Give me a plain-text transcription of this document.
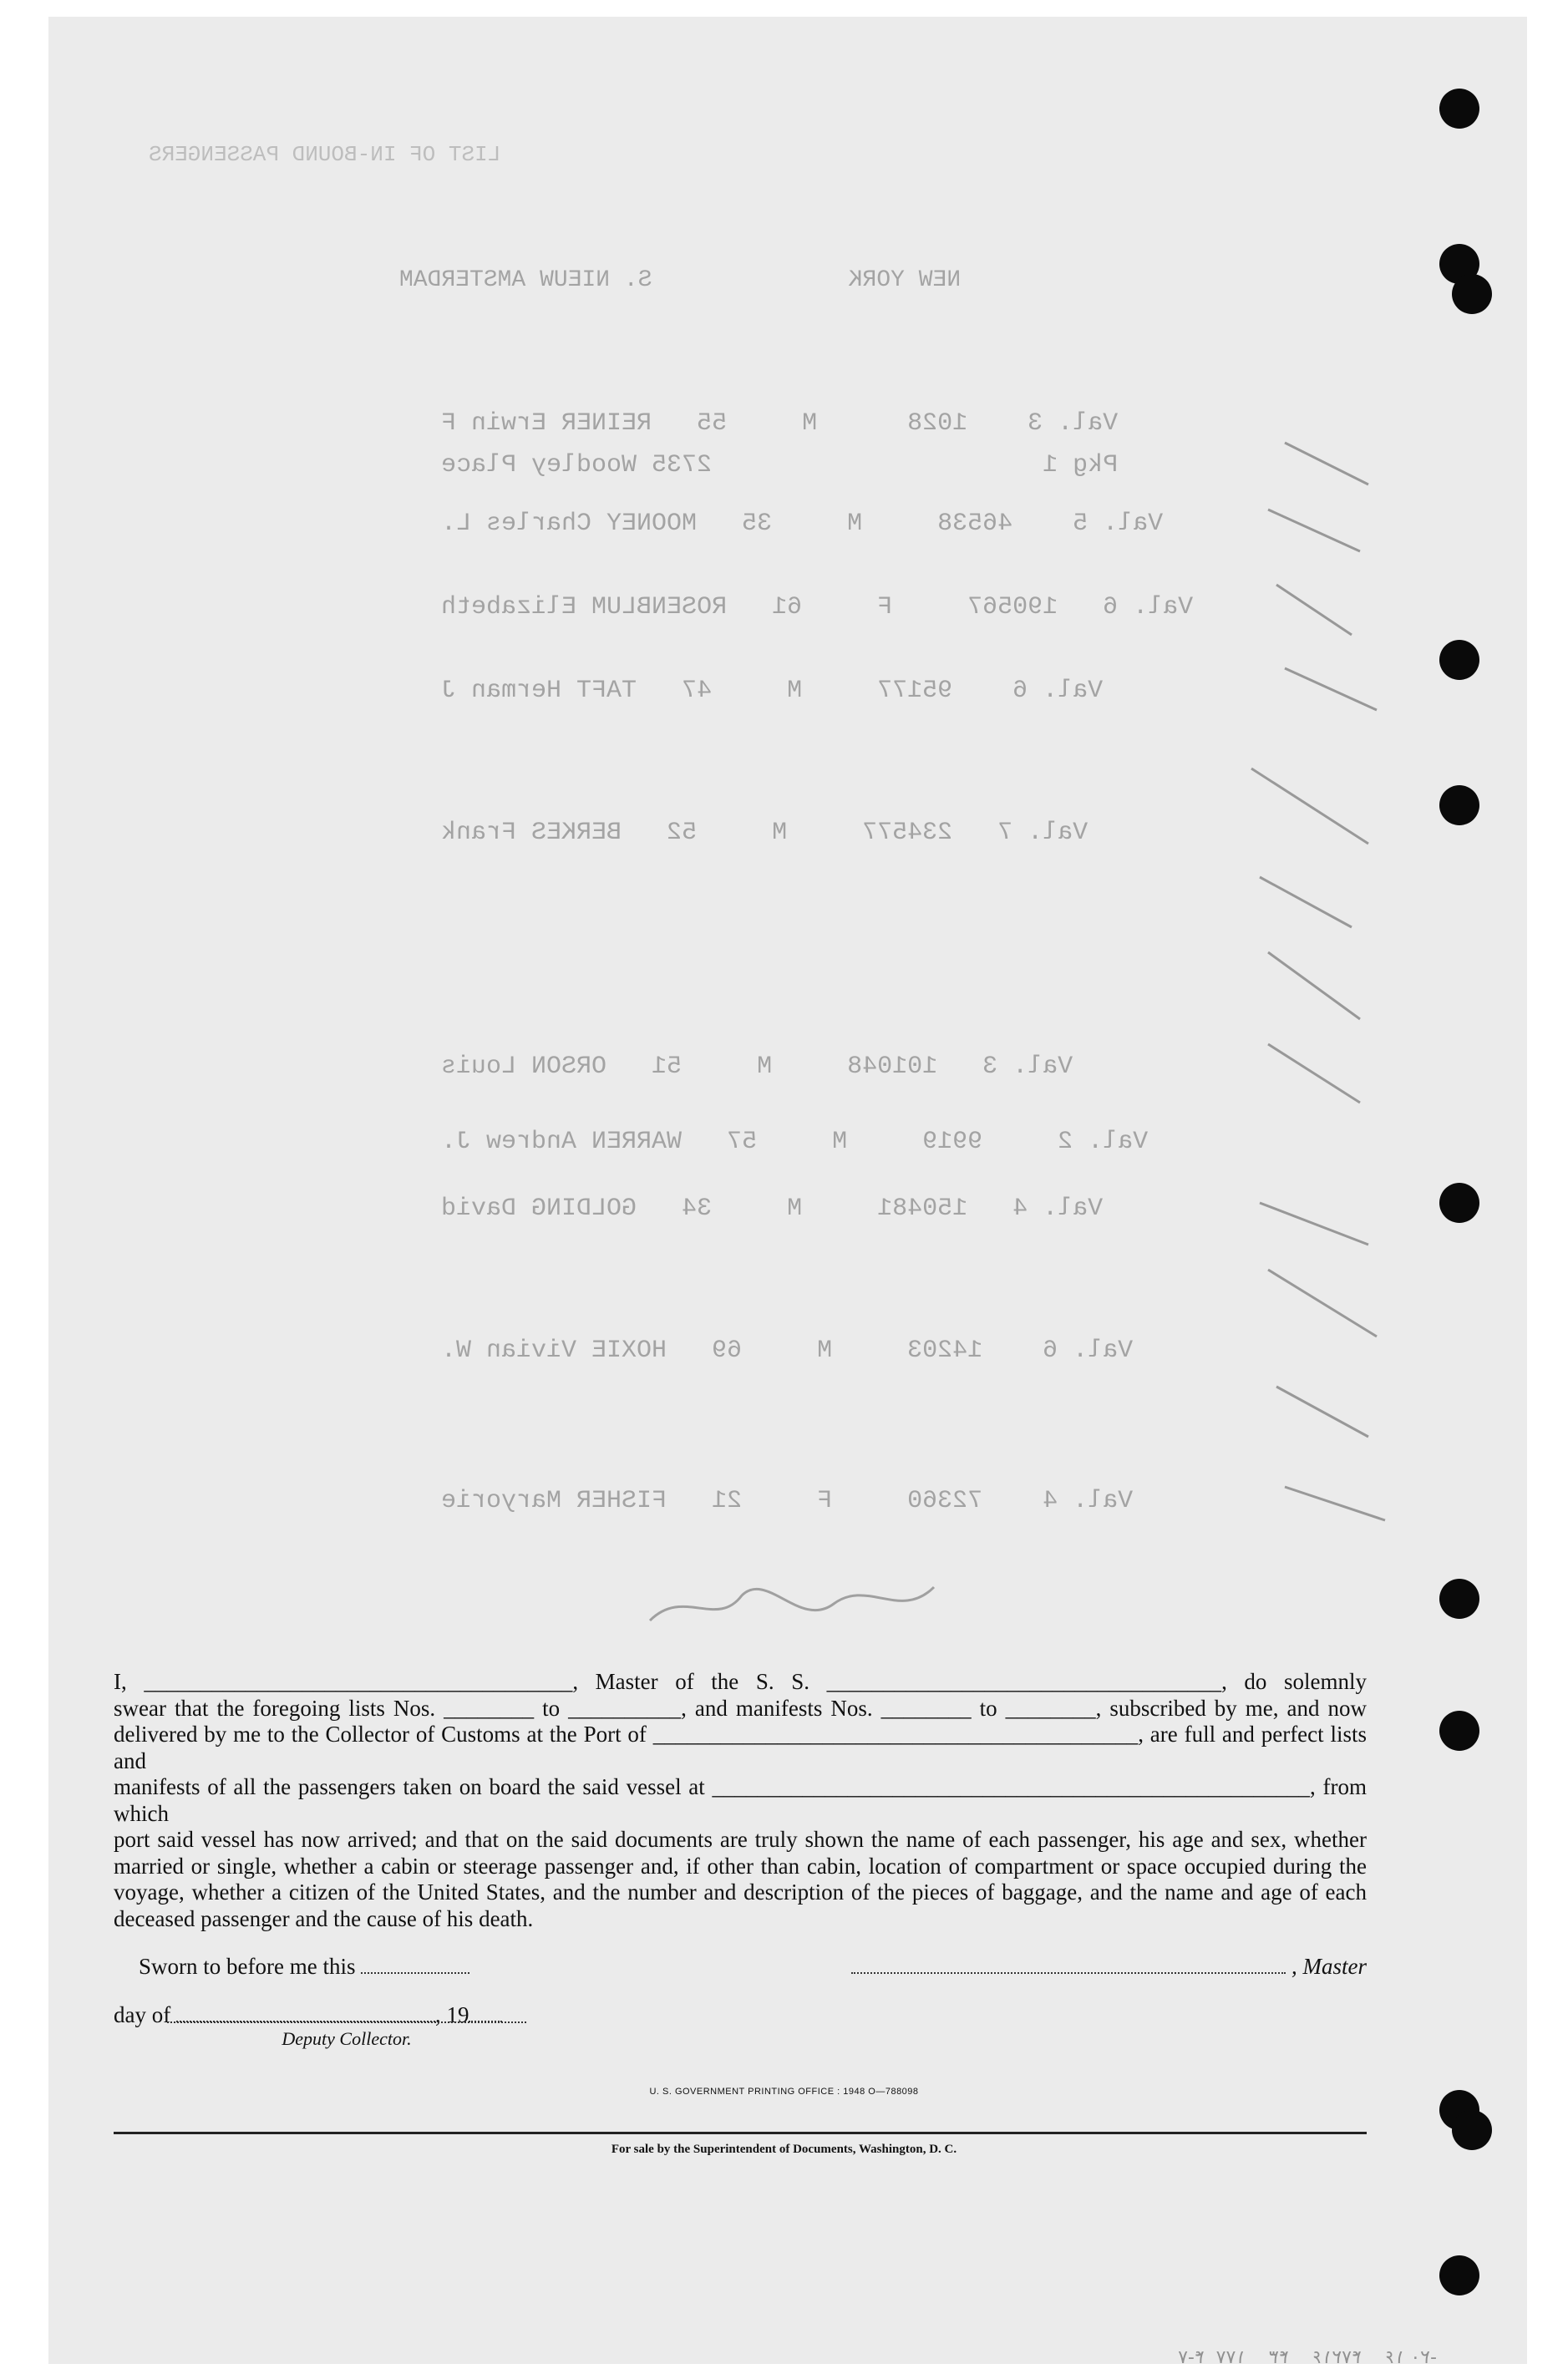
LIST OF IN-BOUND PASSENGERS
NEW YORK              S. NIEUW AMSTERDAM
Val. 3    1028      M     55   REINER Erwin F
Pkg 1                      2735 Woodley Place
Val. 5    46538     M     35   MOONEY Charles L.
Val. 6   190567     F     61   ROSENBLUM Elizabeth
Val. 6    95177     M     47   TAFT Herman J
Val. 7   234577     M     52   BERKES Frank
Val. 3   101048     M     51   ORSON Louis
Val. 2     9919     M     57   WARREN Andrew J.
Val. 4   150481     M     34   GOLDING David
Val. 6    14203     M     69   HOXIE Vivian W.
Val. 4    72360     F     21   FISHER Maryorie

I, ______________________________________, Master of the S. S. ___________________________________, do solemnly

swear that the foregoing lists Nos. ________ to __________, and manifests Nos. ________ to ________, subscribed by me, and now

delivered by me to the Collector of Customs at the Port of ___________________________________________, are full and perfect lists and

manifests of all the passengers taken on board the said vessel at _____________________________________________________, from which

port said vessel has now arrived; and that on the said documents are truly shown the name of each passenger, his age and sex, whether married or single, whether a cabin or steerage passenger and, if other than cabin, location of compartment or space occupied during the voyage, whether a citizen of the United States, and the number and description of the pieces of baggage, and the name and age of each deceased passenger and the cause of his death.

Sworn to before me this	, Master
day of	, 19
Deputy Collector.
U. S. GOVERNMENT PRINTING OFFICE : 1948 O—788098
For sale by the Superintendent of Documents, Washington, D. C.
-۲۰ ۱۶    ۴۷۲۱۶    ۴۳    ۱۷۷  ۴-۷
